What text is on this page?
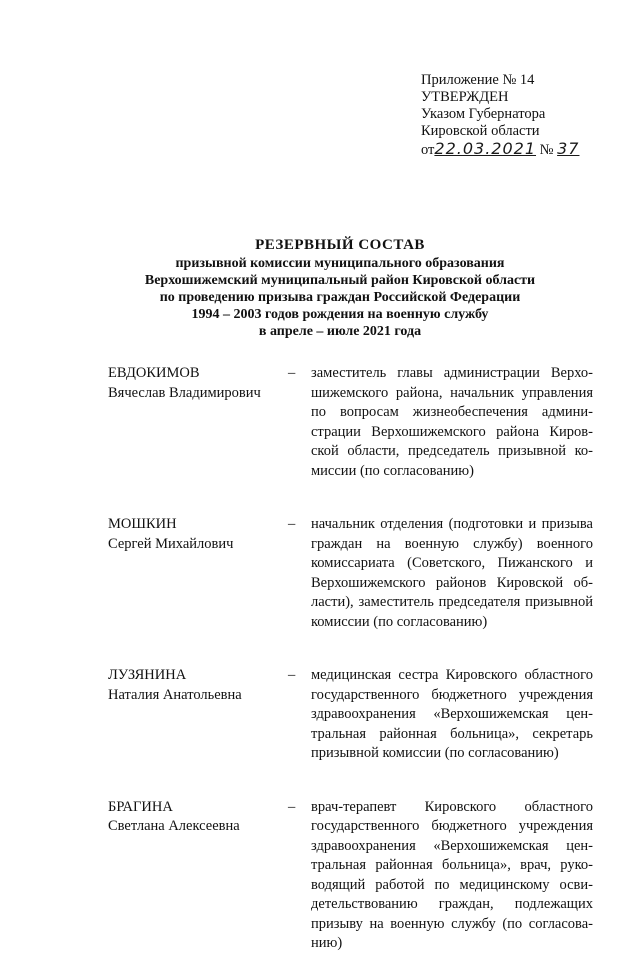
Приложение № 14
УТВЕРЖДЕН
Указом Губернатора
Кировской области
от22.03.2021 № 37
РЕЗЕРВНЫЙ СОСТАВ
призывной комиссии муниципального образования
Верхошижемский муниципальный район Кировской области
по проведению призыва граждан Российской Федерации
1994 – 2003 годов рождения на военную службу
в апреле – июле 2021 года
ЕВДОКИМОВ
Вячеслав Владимирович
–	заместитель главы администрации Верхошижемского района, начальник управления по вопросам жизнеобеспечения администрации Верхошижемского района Кировской области, председатель призывной комиссии (по согласованию)
МОШКИН
Сергей Михайлович
–	начальник отделения (подготовки и призыва граждан на военную службу) военного комиссариата (Советского, Пижанского и Верхошижемского районов Кировской области), заместитель председателя призывной комиссии (по согласованию)
ЛУЗЯНИНА
Наталия Анатольевна
–	медицинская сестра Кировского областного государственного бюджетного учреждения здравоохранения «Верхошижемская центральная районная больница», секретарь призывной комиссии (по согласованию)
БРАГИНА
Светлана Алексеевна
–	врач-терапевт Кировского областного государственного бюджетного учреждения здравоохранения «Верхошижемская центральная районная больница», врач, руководящий работой по медицинскому освидетельствованию граждан, подлежащих призыву на военную службу (по согласованию)
